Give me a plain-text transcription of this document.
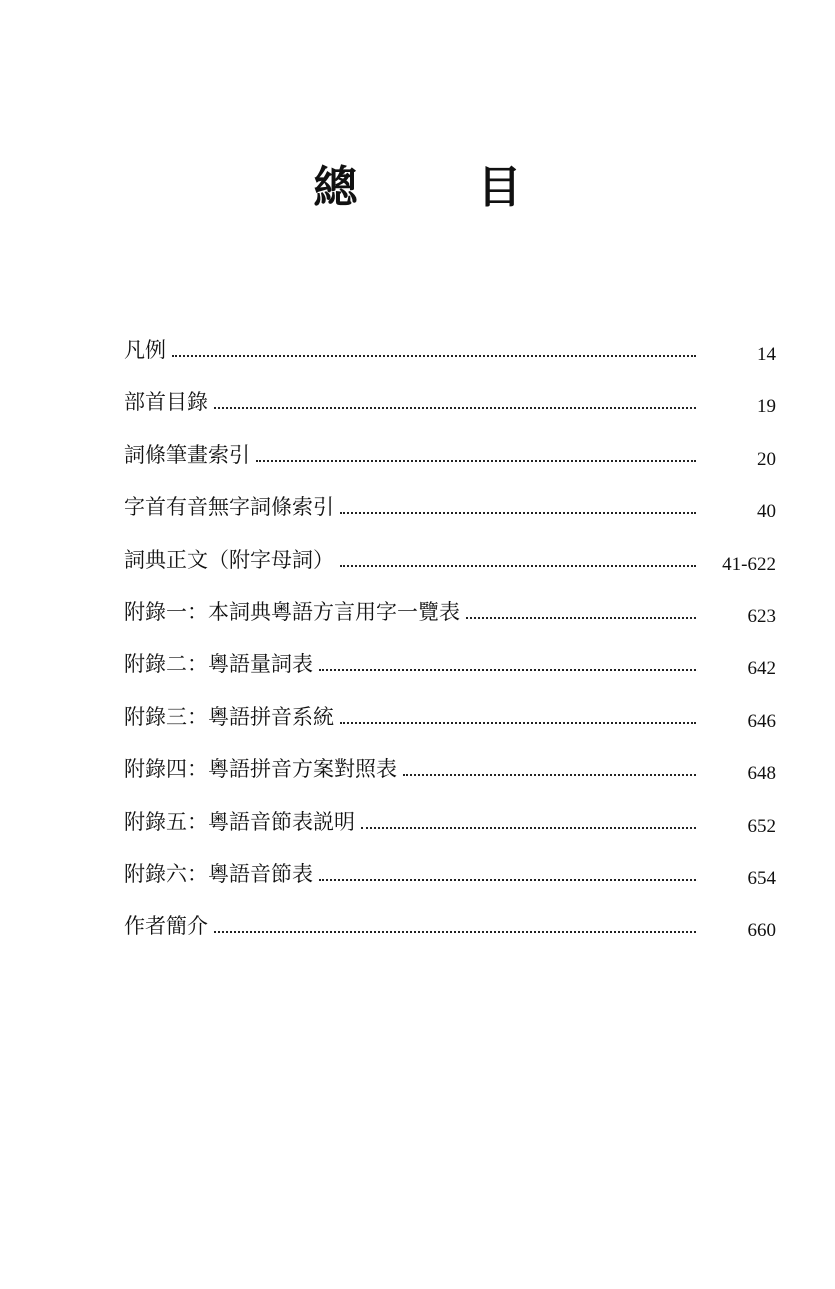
總　目
凡例	14
部首目錄	19
詞條筆畫索引	20
字首有音無字詞條索引	40
詞典正文（附字母詞）	41-622
附錄一：本詞典粵語方言用字一覽表	623
附錄二：粵語量詞表	642
附錄三：粵語拼音系統	646
附錄四：粵語拼音方案對照表	648
附錄五：粵語音節表説明	652
附錄六：粵語音節表	654
作者簡介	660
